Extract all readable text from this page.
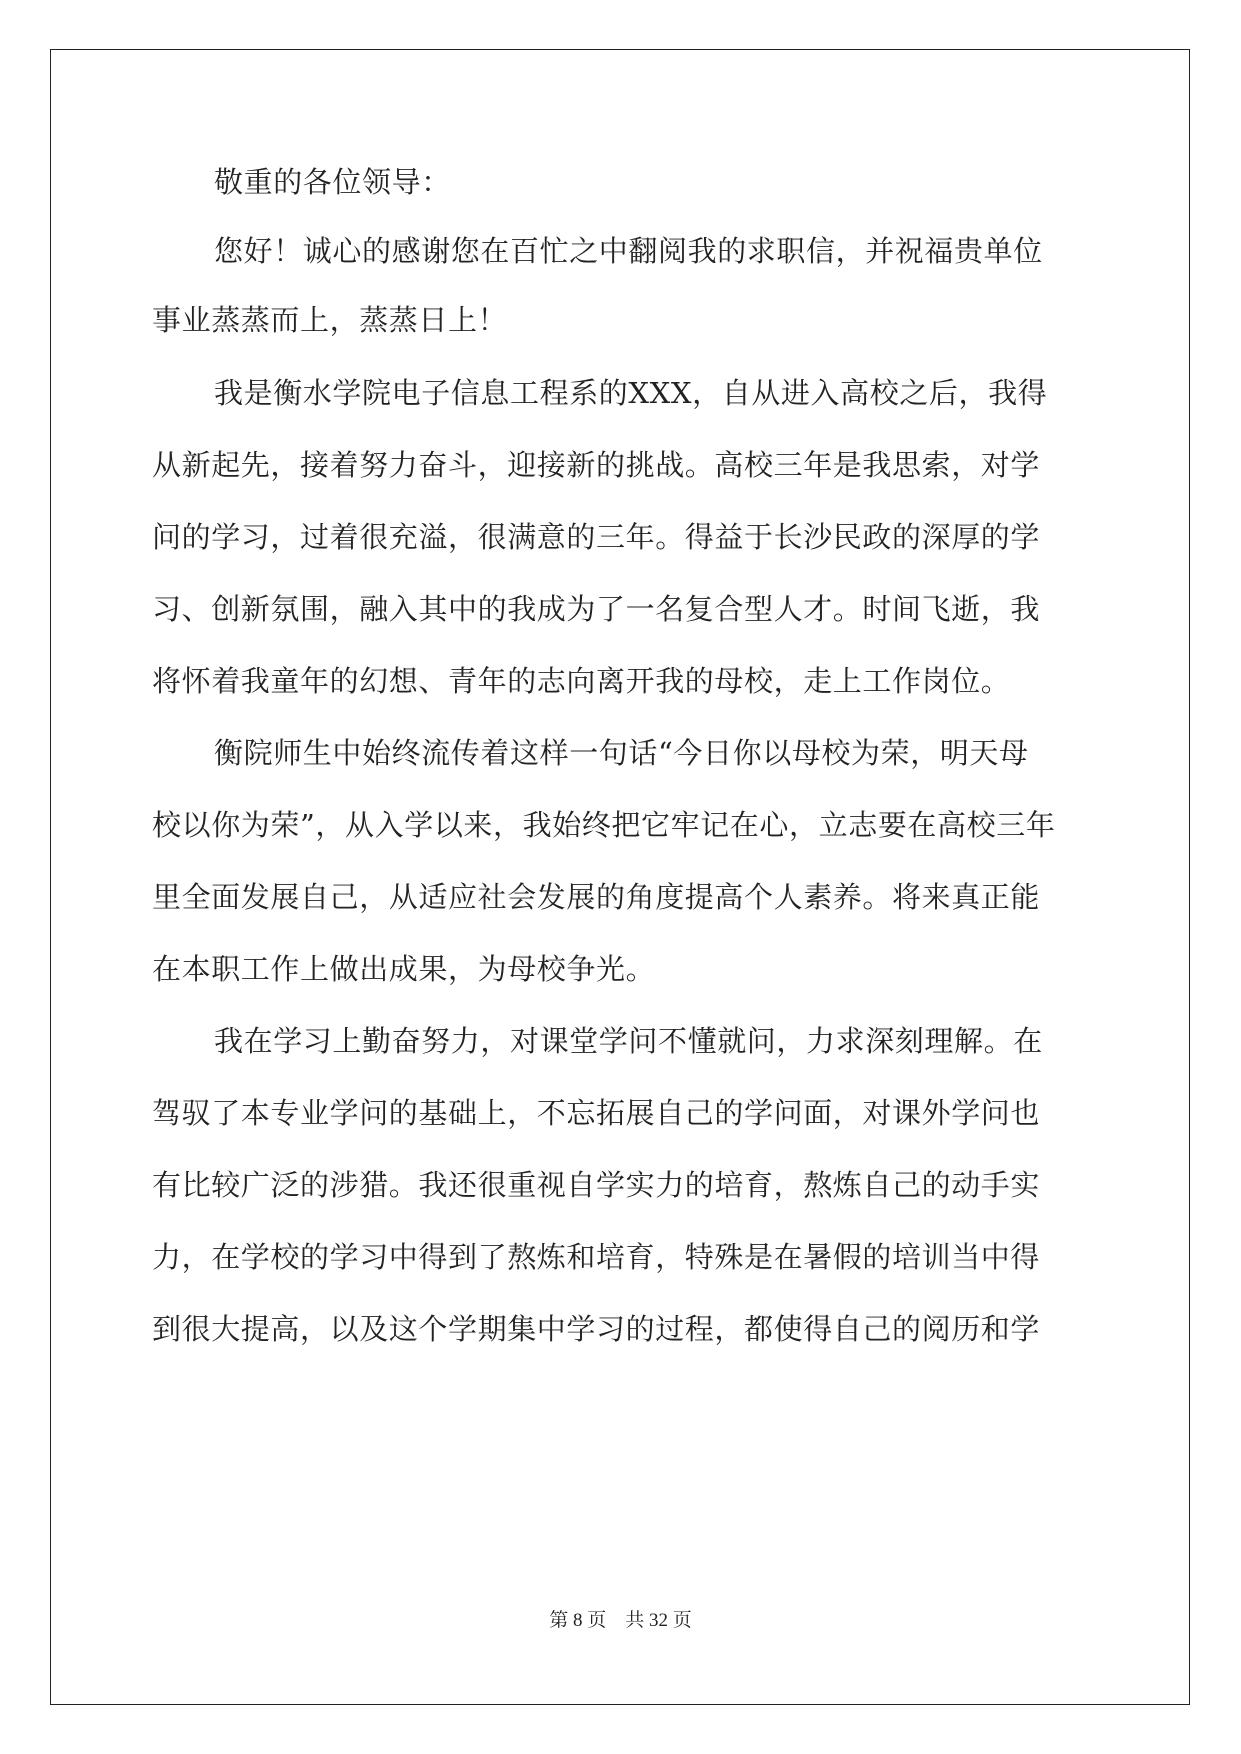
敬重的各位领导：
您好！诚心的感谢您在百忙之中翻阅我的求职信，并祝福贵单位
事业蒸蒸而上，蒸蒸日上！
我是衡水学院电子信息工程系的XXX，自从进入高校之后，我得
从新起先，接着努力奋斗，迎接新的挑战。高校三年是我思索，对学
问的学习，过着很充溢，很满意的三年。得益于长沙民政的深厚的学
习、创新氛围，融入其中的我成为了一名复合型人才。时间飞逝，我
将怀着我童年的幻想、青年的志向离开我的母校，走上工作岗位。
衡院师生中始终流传着这样一句话“今日你以母校为荣，明天母
校以你为荣”，从入学以来，我始终把它牢记在心，立志要在高校三年
里全面发展自己，从适应社会发展的角度提高个人素养。将来真正能
在本职工作上做出成果，为母校争光。
我在学习上勤奋努力，对课堂学问不懂就问，力求深刻理解。在
驾驭了本专业学问的基础上，不忘拓展自己的学问面，对课外学问也
有比较广泛的涉猎。我还很重视自学实力的培育，熬炼自己的动手实
力，在学校的学习中得到了熬炼和培育，特殊是在暑假的培训当中得
到很大提高，以及这个学期集中学习的过程，都使得自己的阅历和学
第 8 页 共 32 页
